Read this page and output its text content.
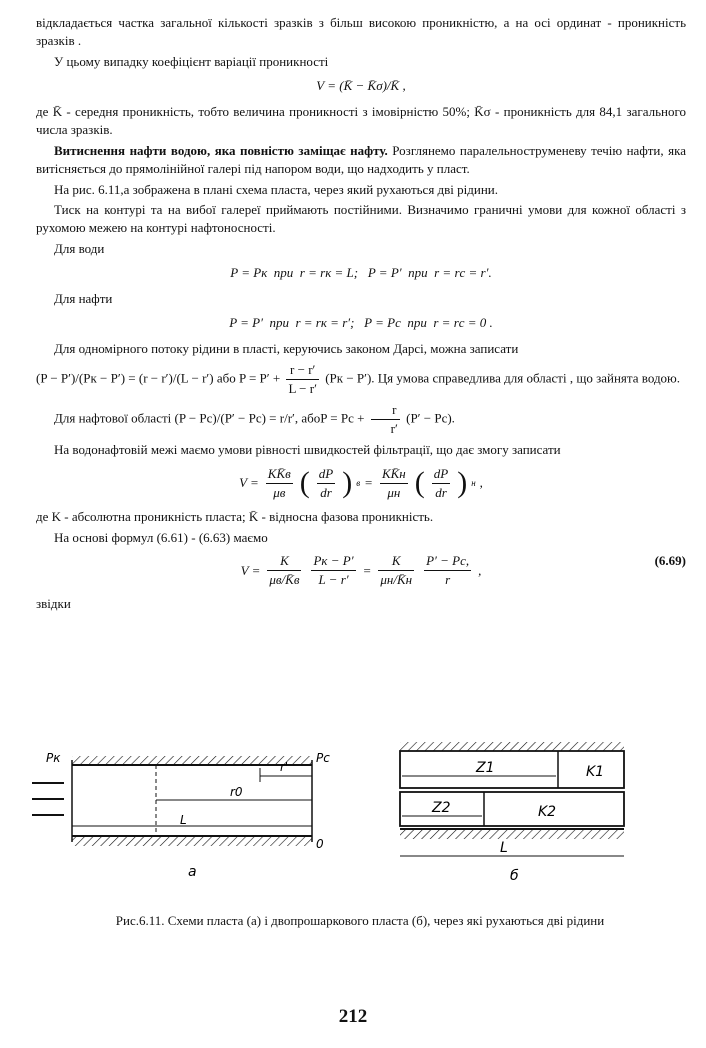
відкладається частка загальної кількості зразків з більш високою проникністю, а на осі ординат - проникність зразків .

У цьому випадку коефіцієнт варіації проникності

V = (K̄ − K̄σ)/K̄ ,

де K̄ - середня проникність, тобто величина проникності з імовірністю 50%; K̄σ - проникність для 84,1 загального числа зразків.

Витиснення нафти водою, яка повністю заміщає нафту. Розглянемо паралельнострумeневу течію нафти, яка витісняється до прямолінійної галері під напором води, що надходить у пласт.

На рис. 6.11,а зображена в плані схема пласта, через який рухаються дві рідини.

Тиск на контурі та на вибої галереї приймають постійними. Визначимо граничні умови для кожної області з рухомою межею на контурі нафтоносності.

Для води

P = Pк  при  r = rк = L;   P = P′  при  r = rс = r′.

Для нафти

P = P′  при  r = rк = r′;   P = Pс  при  r = rс = 0 .

Для одномірного потоку рідини в пласті, керуючись законом Дарсі, можна записати

(P − P′)/(Pк − P′) = (r − r′)/(L − r′) або $P = P' + \frac{r - r'}{L - r'} (Pк - P')$. Ця умова справедлива для області , що зайнята водою.

Для нафтової області (P − Pс)/(P′ − Pс) = r/r′, абоP = Pс + $\frac{r}{r'} (P' - Pс)$.

На водонафтовій межі маємо умови рівності швидкостей фільтрації, що дає змогу записати

$V = \frac{KK̄в}{\mu в}$ ( $\frac{dP}{dr}$ ) $в = \frac{KK̄н}{\mu н}$ ( $\frac{dP}{dr}$ ) н ,

де K - абсолютна проникність пласта; K̄ - відносна фазова проникність.

На основі формул (6.61) - (6.63) маємо

$V = \frac{K}{\mu в/K̄в} \frac{Pк - P'}{L - r'} = \frac{K}{\mu н/K̄н} \frac{P' - Pс,}{r}$ ,
(6.69)

звідки

Pк	Pc
r'
r0
L
0
a
Z1	K1
Z2	K2
L
б
Рис.6.11. Схеми пласта (а) і двопрошаркового пласта (б), через які рухаються дві рідини
212
